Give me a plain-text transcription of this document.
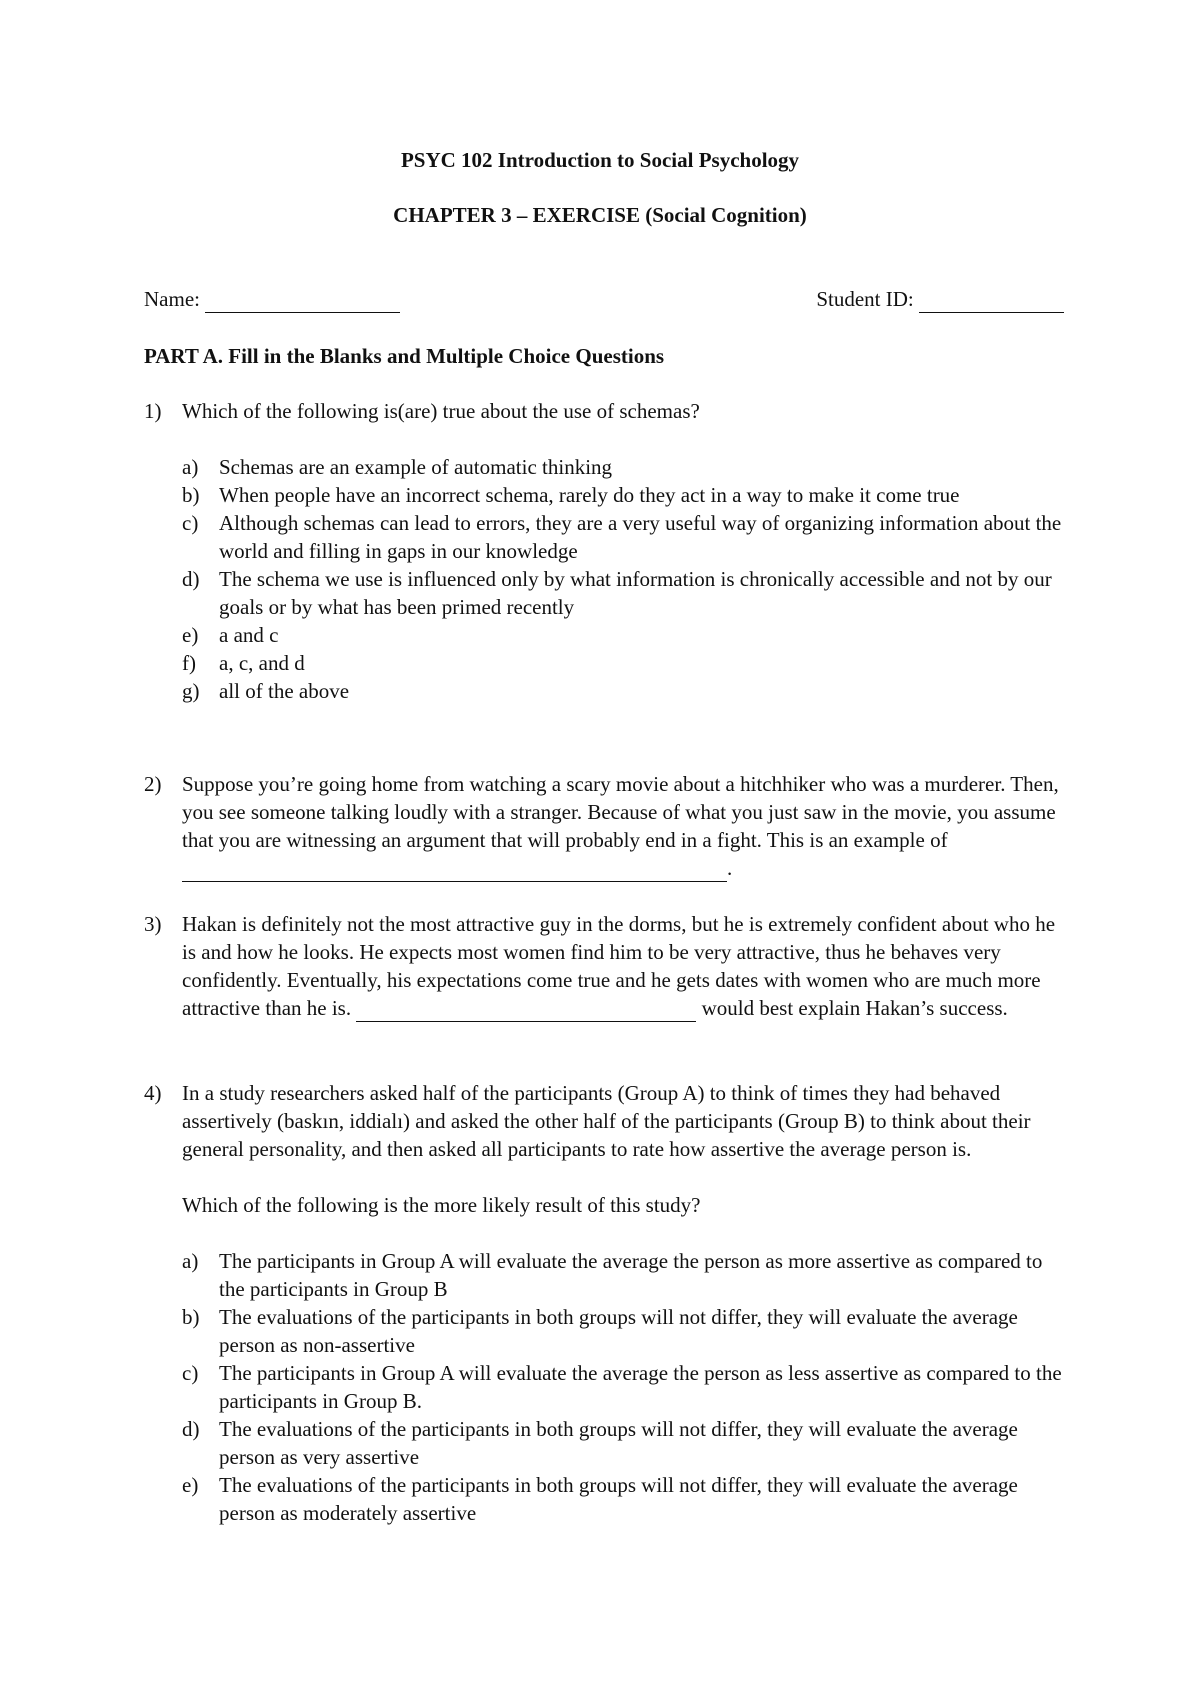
PSYC 102 Introduction to Social Psychology
CHAPTER 3 – EXERCISE (Social Cognition)
Name:	Student ID:
PART A. Fill in the Blanks and Multiple Choice Questions
1) Which of the following is(are) true about the use of schemas?

a) Schemas are an example of automatic thinking
b) When people have an incorrect schema, rarely do they act in a way to make it come true
c) Although schemas can lead to errors, they are a very useful way of organizing information about the world and filling in gaps in our knowledge
d) The schema we use is influenced only by what information is chronically accessible and not by our goals or by what has been primed recently
e) a and c
f) a, c, and d
g) all of the above
2) Suppose you’re going home from watching a scary movie about a hitchhiker who was a murderer. Then, you see someone talking loudly with a stranger. Because of what you just saw in the movie, you assume that you are witnessing an argument that will probably end in a fight. This is an example of .

3) Hakan is definitely not the most attractive guy in the dorms, but he is extremely confident about who he is and how he looks. He expects most women find him to be very attractive, thus he behaves very confidently. Eventually, his expectations come true and he gets dates with women who are much more attractive than he is.	would best explain Hakan’s success.

4) In a study researchers asked half of the participants (Group A) to think of times they had behaved assertively (baskın, iddialı) and asked the other half of the participants (Group B) to think about their general personality, and then asked all participants to rate how assertive the average person is.

Which of the following is the more likely result of this study?

a) The participants in Group A will evaluate the average the person as more assertive as compared to the participants in Group B
b) The evaluations of the participants in both groups will not differ, they will evaluate the average person as non-assertive
c) The participants in Group A will evaluate the average the person as less assertive as compared to the participants in Group B.
d) The evaluations of the participants in both groups will not differ, they will evaluate the average person as very assertive
e) The evaluations of the participants in both groups will not differ, they will evaluate the average person as moderately assertive
